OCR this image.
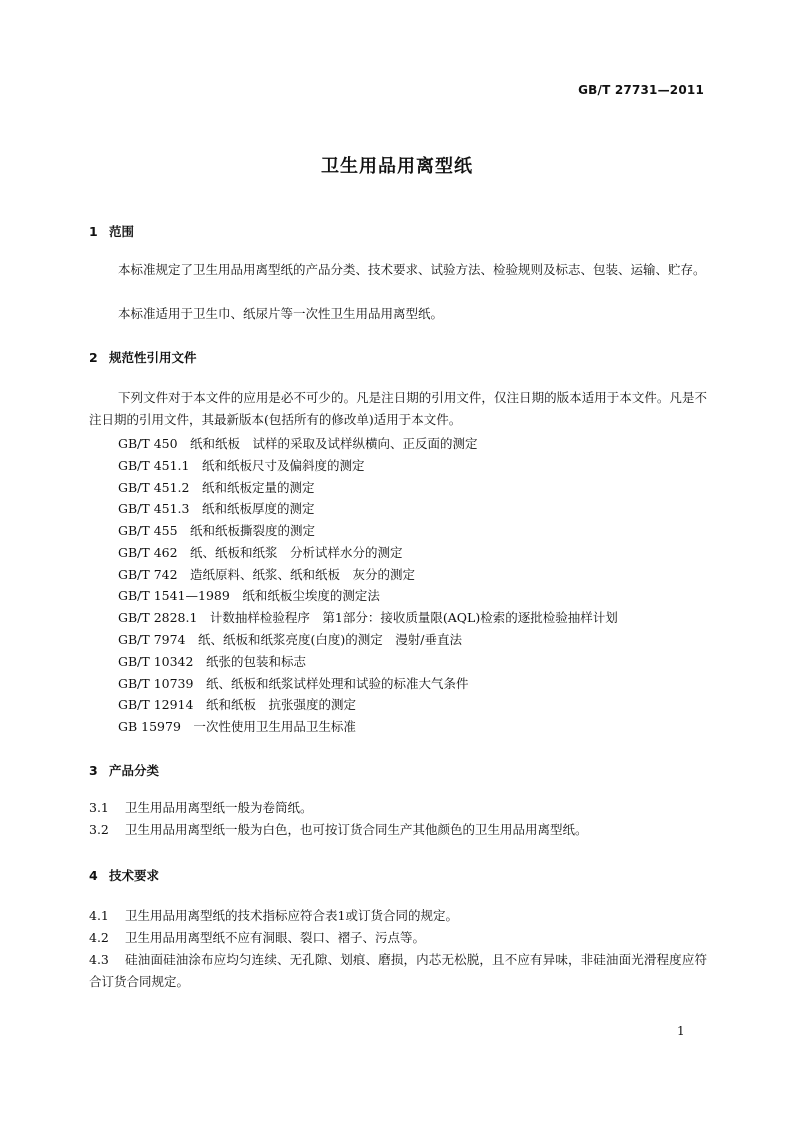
GB/T 27731—2011
卫生用品用离型纸
1 范围
本标准规定了卫生用品用离型纸的产品分类、技术要求、试验方法、检验规则及标志、包装、运输、贮存。
本标准适用于卫生巾、纸尿片等一次性卫生用品用离型纸。
2 规范性引用文件
下列文件对于本文件的应用是必不可少的。凡是注日期的引用文件，仅注日期的版本适用于本文件。凡是不注日期的引用文件，其最新版本(包括所有的修改单)适用于本文件。
GB/T 450　纸和纸板　试样的采取及试样纵横向、正反面的测定
GB/T 451.1　纸和纸板尺寸及偏斜度的测定
GB/T 451.2　纸和纸板定量的测定
GB/T 451.3　纸和纸板厚度的测定
GB/T 455　纸和纸板撕裂度的测定
GB/T 462　纸、纸板和纸浆　分析试样水分的测定
GB/T 742　造纸原料、纸浆、纸和纸板　灰分的测定
GB/T 1541—1989　纸和纸板尘埃度的测定法
GB/T 2828.1　计数抽样检验程序　第1部分：接收质量限(AQL)检索的逐批检验抽样计划
GB/T 7974　纸、纸板和纸浆亮度(白度)的测定　漫射/垂直法
GB/T 10342　纸张的包装和标志
GB/T 10739　纸、纸板和纸浆试样处理和试验的标准大气条件
GB/T 12914　纸和纸板　抗张强度的测定
GB 15979　一次性使用卫生用品卫生标准
3 产品分类
3.1 卫生用品用离型纸一般为卷筒纸。
3.2 卫生用品用离型纸一般为白色，也可按订货合同生产其他颜色的卫生用品用离型纸。
4 技术要求
4.1 卫生用品用离型纸的技术指标应符合表1或订货合同的规定。
4.2 卫生用品用离型纸不应有洞眼、裂口、褶子、污点等。
4.3 硅油面硅油涂布应均匀连续、无孔隙、划痕、磨损，内芯无松脱，且不应有异味，非硅油面光滑程度应符合订货合同规定。
1
